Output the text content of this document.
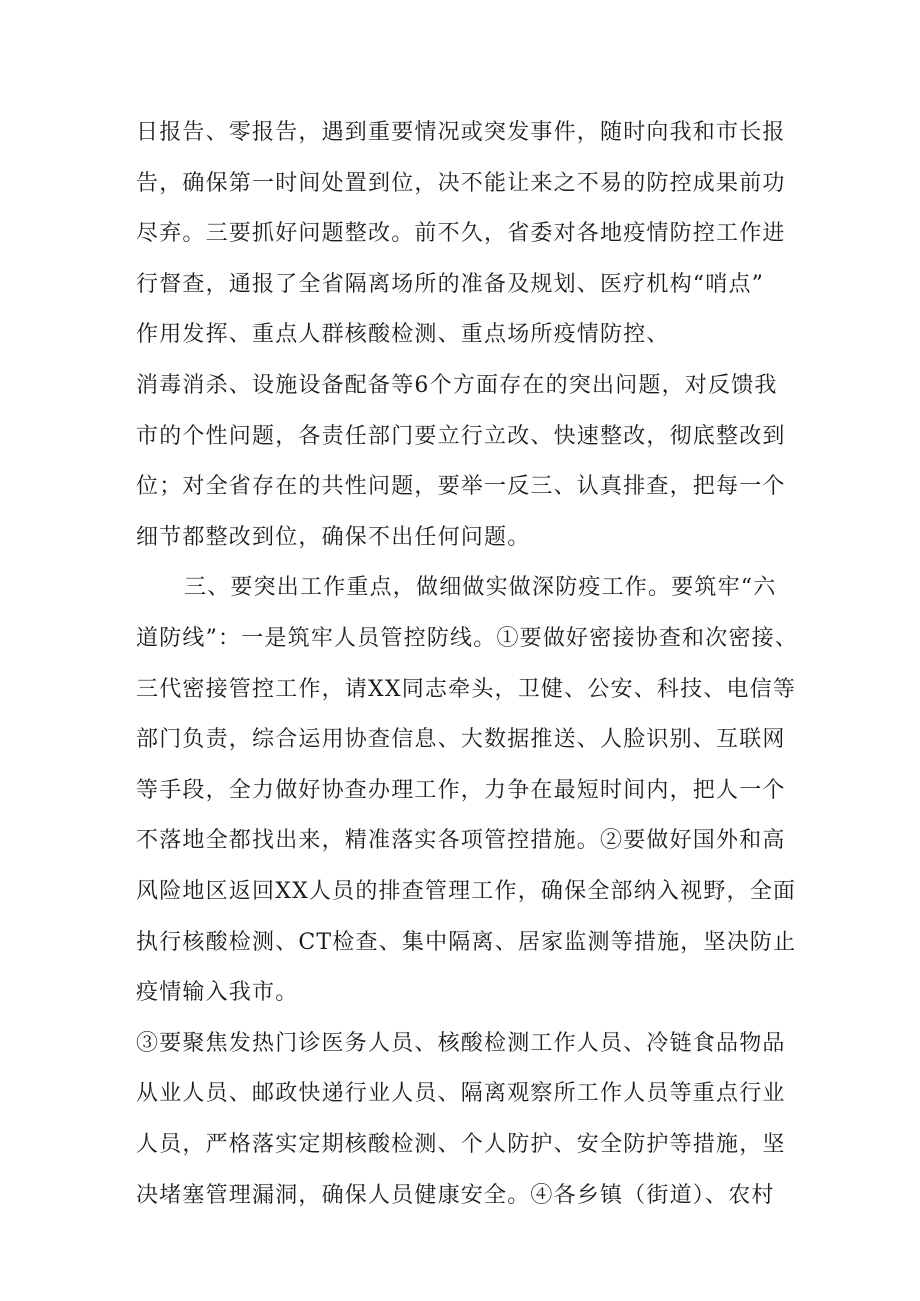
日报告、零报告，遇到重要情况或突发事件，随时向我和市长报

告，确保第一时间处置到位，决不能让来之不易的防控成果前功

尽弃。三要抓好问题整改。前不久，省委对各地疫情防控工作进

行督查，通报了全省隔离场所的准备及规划、医疗机构“哨点”

作用发挥、重点人群核酸检测、重点场所疫情防控、

消毒消杀、设施设备配备等6个方面存在的突出问题，对反馈我

市的个性问题，各责任部门要立行立改、快速整改，彻底整改到

位；对全省存在的共性问题，要举一反三、认真排查，把每一个

细节都整改到位，确保不出任何问题。

三、要突出工作重点，做细做实做深防疫工作。要筑牢“六

道防线”：一是筑牢人员管控防线。①要做好密接协查和次密接、

三代密接管控工作，请XX同志牵头，卫健、公安、科技、电信等

部门负责，综合运用协查信息、大数据推送、人脸识别、互联网

等手段，全力做好协查办理工作，力争在最短时间内，把人一个

不落地全都找出来，精准落实各项管控措施。②要做好国外和高

风险地区返回XX人员的排查管理工作，确保全部纳入视野，全面

执行核酸检测、CT检查、集中隔离、居家监测等措施，坚决防止

疫情输入我市。

③要聚焦发热门诊医务人员、核酸检测工作人员、冷链食品物品

从业人员、邮政快递行业人员、隔离观察所工作人员等重点行业

人员，严格落实定期核酸检测、个人防护、安全防护等措施，坚

决堵塞管理漏洞，确保人员健康安全。④各乡镇（街道）、农村
